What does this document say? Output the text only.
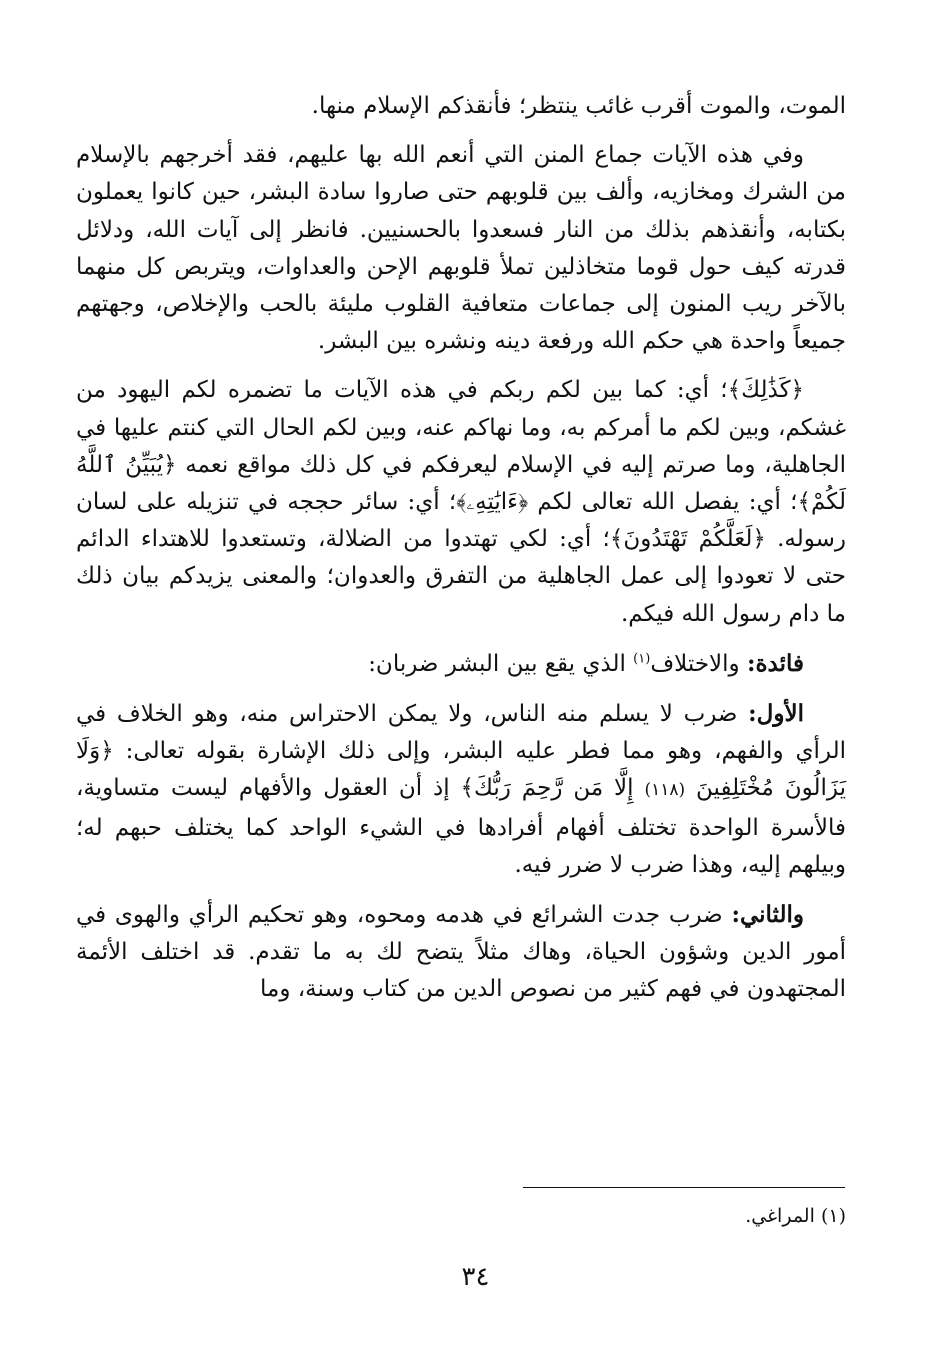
الموت، والموت أقرب غائب ينتظر؛ فأنقذكم الإسلام منها.

وفي هذه الآيات جماع المنن التي أنعم الله بها عليهم، فقد أخرجهم بالإسلام من الشرك ومخازيه، وألف بين قلوبهم حتى صاروا سادة البشر، حين كانوا يعملون بكتابه، وأنقذهم بذلك من النار فسعدوا بالحسنيين. فانظر إلى آيات الله، ودلائل قدرته كيف حول قوما متخاذلين تملأ قلوبهم الإحن والعداوات، ويتربص كل منهما بالآخر ريب المنون إلى جماعات متعافية القلوب مليئة بالحب والإخلاص، وجهتهم جميعاً واحدة هي حكم الله ورفعة دينه ونشره بين البشر.

﴿كَذَٰلِكَ﴾؛ أي: كما بين لكم ربكم في هذه الآيات ما تضمره لكم اليهود من غشكم، وبين لكم ما أمركم به، وما نهاكم عنه، وبين لكم الحال التي كنتم عليها في الجاهلية، وما صرتم إليه في الإسلام ليعرفكم في كل ذلك مواقع نعمه ﴿يُبَيِّنُ ٱللَّهُ لَكُمْ﴾؛ أي: يفصل الله تعالى لكم ﴿ءَايَٰتِهِۦ﴾؛ أي: سائر حججه في تنزيله على لسان رسوله. ﴿لَعَلَّكُمْ تَهْتَدُونَ﴾؛ أي: لكي تهتدوا من الضلالة، وتستعدوا للاهتداء الدائم حتى لا تعودوا إلى عمل الجاهلية من التفرق والعدوان؛ والمعنى يزيدكم بيان ذلك ما دام رسول الله فيكم.

فائدة: والاختلاف$^{(١)}$ الذي يقع بين البشر ضربان:

الأول: ضرب لا يسلم منه الناس، ولا يمكن الاحتراس منه، وهو الخلاف في الرأي والفهم، وهو مما فطر عليه البشر، وإلى ذلك الإشارة بقوله تعالى: ﴿وَلَا يَزَالُونَ مُخْتَلِفِينَ (١١٨) إِلَّا مَن رَّحِمَ رَبُّكَ﴾ إذ أن العقول والأفهام ليست متساوية، فالأسرة الواحدة تختلف أفهام أفرادها في الشيء الواحد كما يختلف حبهم له؛ وبيلهم إليه، وهذا ضرب لا ضرر فيه.

والثاني: ضرب جدت الشرائع في هدمه ومحوه، وهو تحكيم الرأي والهوى في أمور الدين وشؤون الحياة، وهاك مثلاً يتضح لك به ما تقدم. قد اختلف الأئمة المجتهدون في فهم كثير من نصوص الدين من كتاب وسنة، وما

(١) المراغي.
٣٤
